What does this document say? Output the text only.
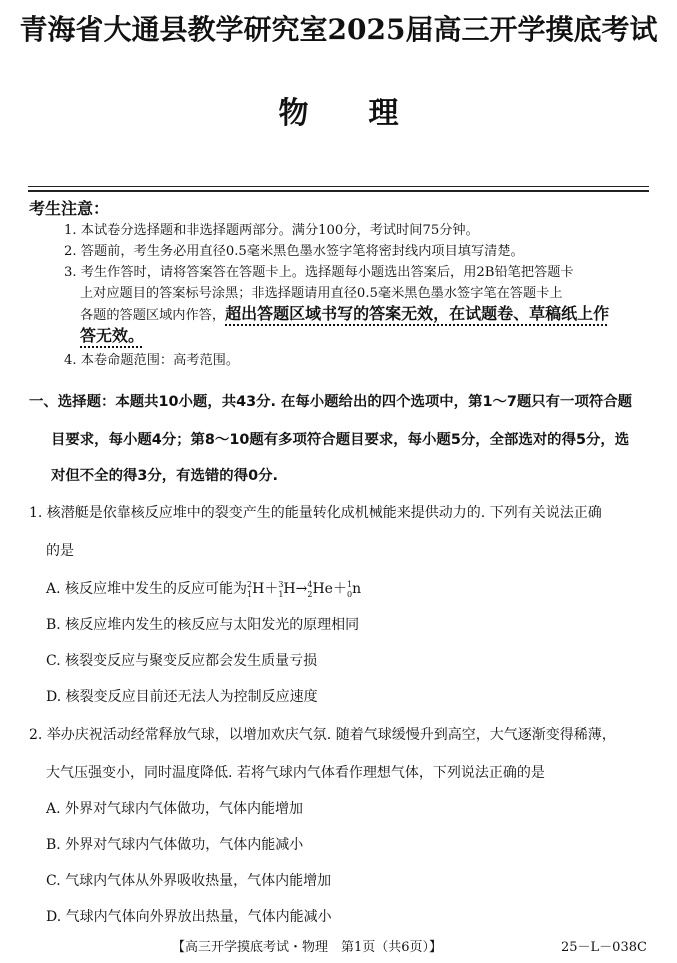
青海省大通县教学研究室2025届高三开学摸底考试
物理
考生注意：
1. 本试卷分选择题和非选择题两部分。满分100分，考试时间75分钟。
2. 答题前，考生务必用直径0.5毫米黑色墨水签字笔将密封线内项目填写清楚。
3. 考生作答时，请将答案答在答题卡上。选择题每小题选出答案后，用2B铅笔把答题卡
上对应题目的答案标号涂黑；非选择题请用直径0.5毫米黑色墨水签字笔在答题卡上
各题的答题区域内作答，超出答题区域书写的答案无效，在试题卷、草稿纸上作
答无效。
4. 本卷命题范围：高考范围。
一、选择题：本题共10小题，共43分. 在每小题给出的四个选项中，第1～7题只有一项符合题
目要求，每小题4分；第8～10题有多项符合题目要求，每小题5分，全部选对的得5分，选
对但不全的得3分，有选错的得0分.
1. 核潜艇是依靠核反应堆中的裂变产生的能量转化成机械能来提供动力的. 下列有关说法正确
的是
A. 核反应堆中发生的反应可能为$^2$
1 H＋$^3$
1 H→$^4$
2 He＋$^1$
0 n
B. 核反应堆内发生的核反应与太阳发光的原理相同
C. 核裂变反应与聚变反应都会发生质量亏损
D. 核裂变反应目前还无法人为控制反应速度
2. 举办庆祝活动经常释放气球，以增加欢庆气氛. 随着气球缓慢升到高空，大气逐渐变得稀薄，
大气压强变小，同时温度降低. 若将气球内气体看作理想气体，下列说法正确的是
A. 外界对气球内气体做功，气体内能增加
B. 外界对气球内气体做功，气体内能减小
C. 气球内气体从外界吸收热量，气体内能增加
D. 气球内气体向外界放出热量，气体内能减小
【高三开学摸底考试・物理　第1页（共6页）】	25－L－038C
